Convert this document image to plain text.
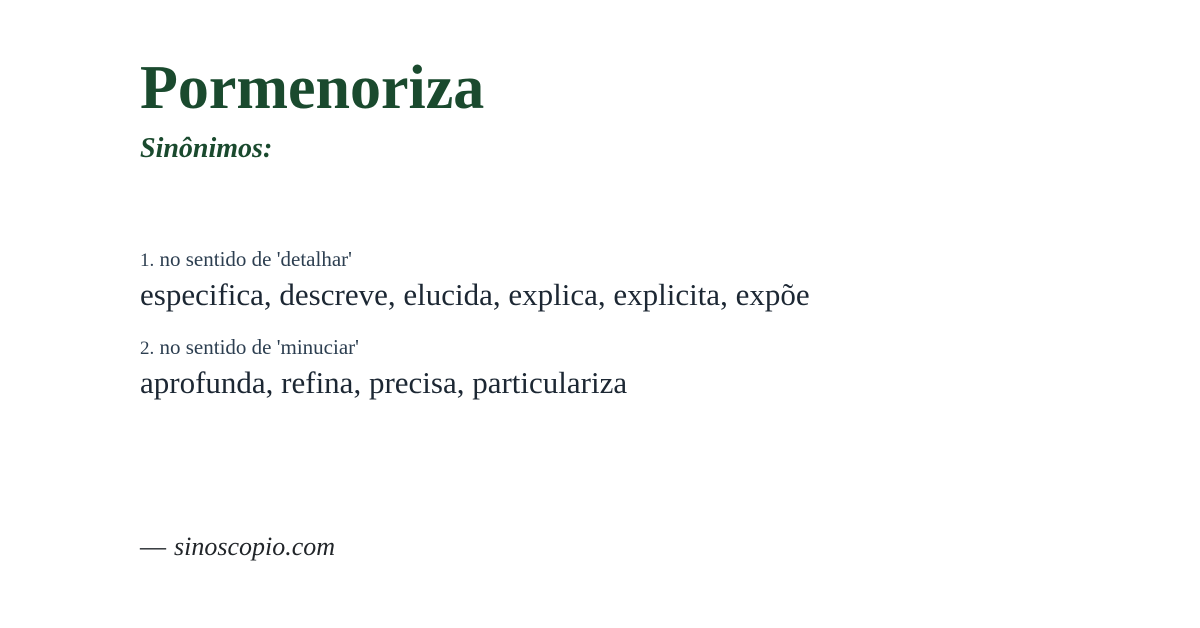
Pormenoriza
Sinônimos:
1. no sentido de 'detalhar'
especifica, descreve, elucida, explica, explicita, expõe
2. no sentido de 'minuciar'
aprofunda, refina, precisa, particulariza
— sinoscopio.com
